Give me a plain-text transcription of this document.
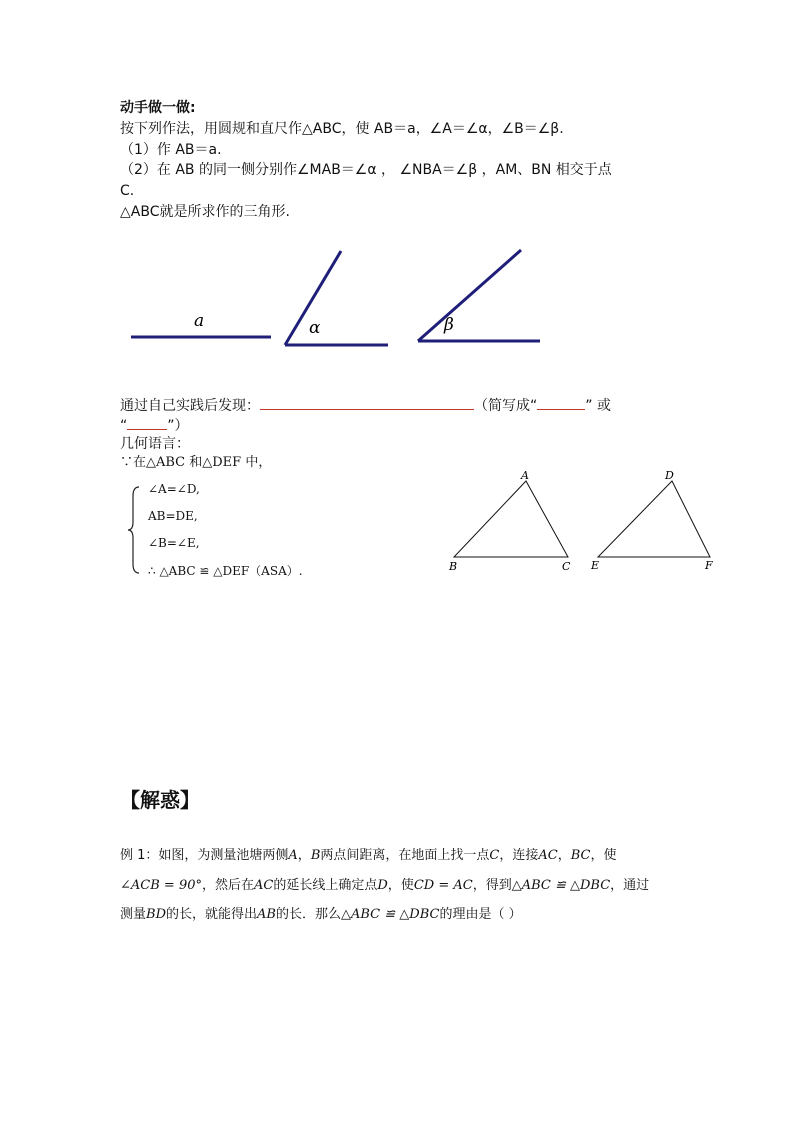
动手做一做:
按下列作法，用圆规和直尺作△ABC，使 AB＝a，∠A＝∠α，∠B＝∠β.
（1）作 AB＝a.
（2）在 AB 的同一侧分别作∠MAB＝∠α ， ∠NBA＝∠β ，AM、BN 相交于点
C.
△ABC就是所求作的三角形.
a	α	β
通过自己实践后发现：	（简写成“	” 或
“	”）
几何语言：
∵在△ABC 和△DEF 中，
∠A=∠D,
AB=DE,
∠B=∠E,
∴ △ABC ≌ △DEF（ASA）.
A
B	C
D
E	F
【解惑】
例 1：如图，为测量池塘两侧A，B两点间距离，在地面上找一点C，连接AC，BC，使
∠ACB = 90°，然后在AC的延长线上确定点D，使CD = AC，得到△ABC ≌ △DBC，通过
测量BD的长，就能得出AB的长．那么△ABC ≌ △DBC的理由是（ ）
